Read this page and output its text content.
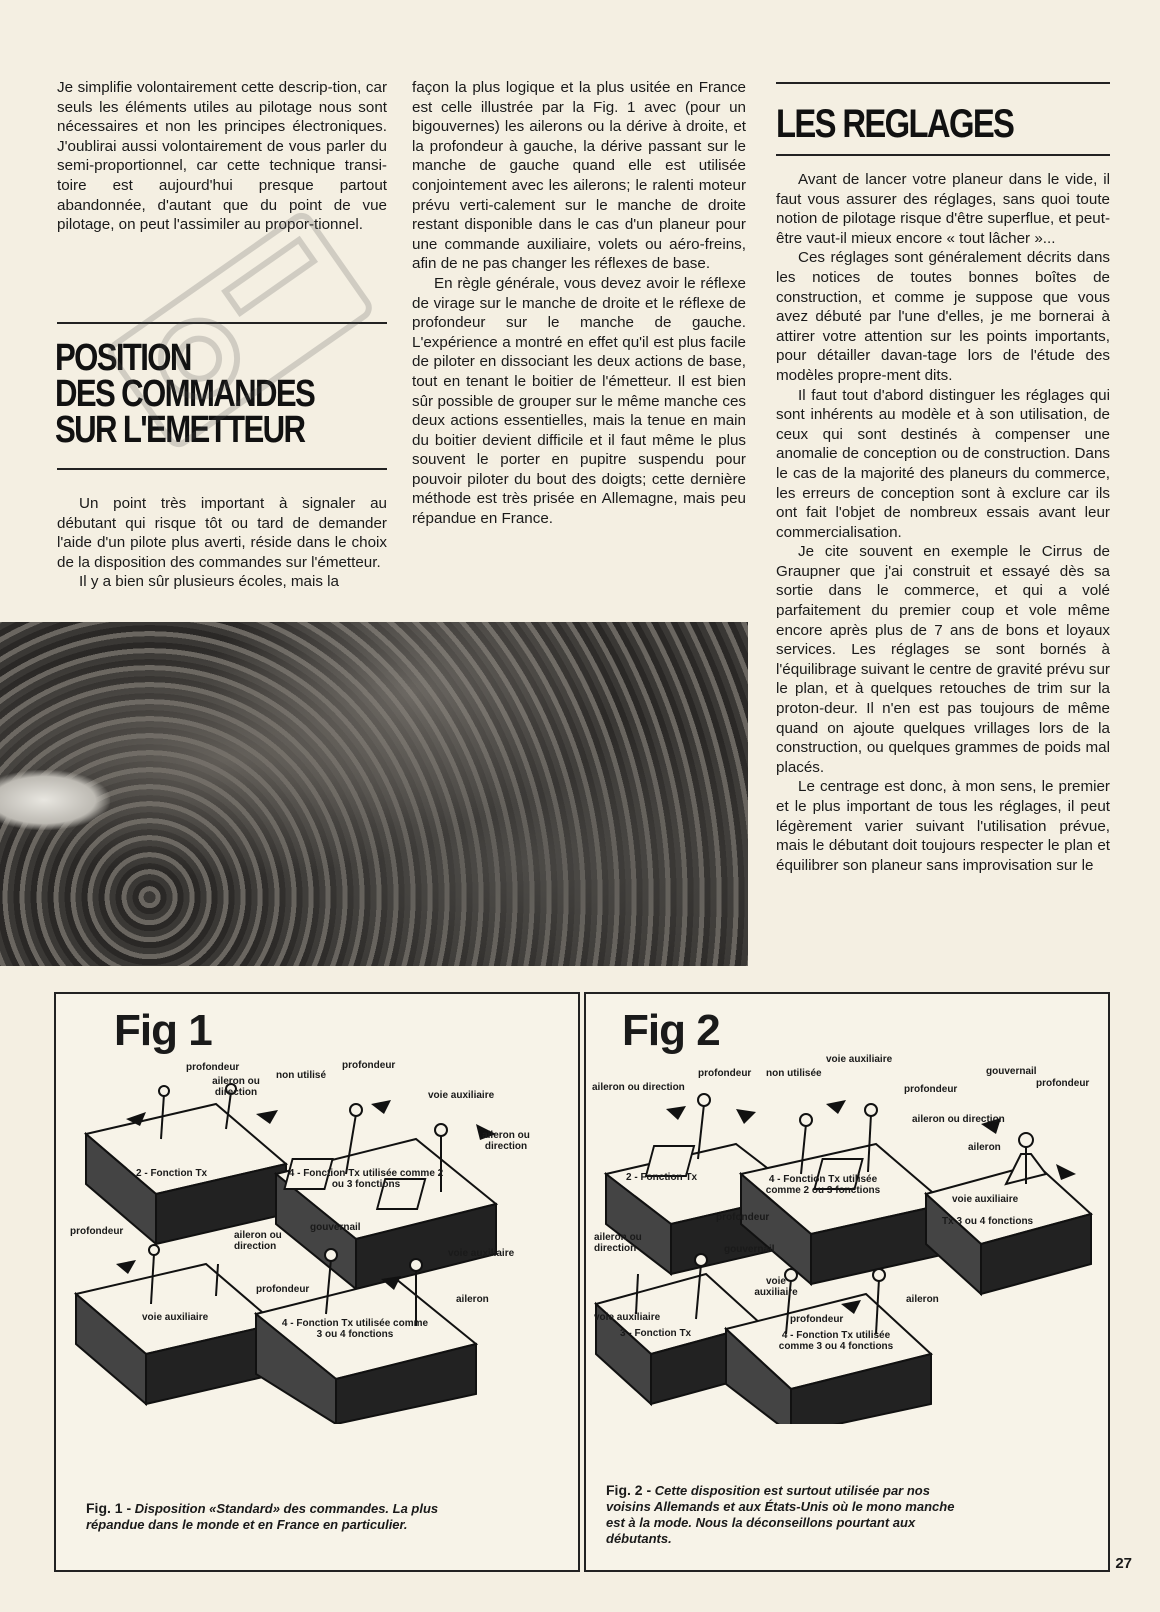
Je simplifie volontairement cette descrip-tion, car seuls les éléments utiles au pilotage nous sont nécessaires et non les principes électroniques. J'oublirai aussi volontairement de vous parler du semi-proportionnel, car cette technique transi-toire est aujourd'hui presque partout abandonnée, d'autant que du point de vue pilotage, on peut l'assimiler au propor-tionnel.

POSITION
DES COMMANDES
SUR L'EMETTEUR

Un point très important à signaler au débutant qui risque tôt ou tard de demander l'aide d'un pilote plus averti, réside dans le choix de la disposition des commandes sur l'émetteur.

Il y a bien sûr plusieurs écoles, mais la

façon la plus logique et la plus usitée en France est celle illustrée par la Fig. 1 avec (pour un bigouvernes) les ailerons ou la dérive à droite, et la profondeur à gauche, la dérive passant sur le manche de gauche quand elle est utilisée conjointement avec les ailerons; le ralenti moteur prévu verti-calement sur le manche de droite restant disponible dans le cas d'un planeur pour une commande auxiliaire, volets ou aéro-freins, afin de ne pas changer les réflexes de base.

En règle générale, vous devez avoir le réflexe de virage sur le manche de droite et le réflexe de profondeur sur le manche de gauche. L'expérience a montré en effet qu'il est plus facile de piloter en dissociant les deux actions de base, tout en tenant le boitier de l'émetteur. Il est bien sûr possible de grouper sur le même manche ces deux actions essentielles, mais la tenue en main du boitier devient difficile et il faut même le plus souvent le porter en pupitre suspendu pour pouvoir piloter du bout des doigts; cette dernière méthode est très prisée en Allemagne, mais peu répandue en France.

LES REGLAGES

Avant de lancer votre planeur dans le vide, il faut vous assurer des réglages, sans quoi toute notion de pilotage risque d'être superflue, et peut-être vaut-il mieux encore « tout lâcher »...

Ces réglages sont généralement décrits dans les notices de toutes bonnes boîtes de construction, et comme je suppose que vous avez débuté par l'une d'elles, je me bornerai à attirer votre attention sur les points importants, pour détailler davan-tage lors de l'étude des modèles propre-ment dits.

Il faut tout d'abord distinguer les réglages qui sont inhérents au modèle et à son utilisation, de ceux qui sont destinés à compenser une anomalie de conception ou de construction. Dans le cas de la majorité des planeurs du commerce, les erreurs de conception sont à exclure car ils ont fait l'objet de nombreux essais avant leur commercialisation.

Je cite souvent en exemple le Cirrus de Graupner que j'ai construit et essayé dès sa sortie dans le commerce, et qui a volé parfaitement du premier coup et vole même encore après plus de 7 ans de bons et loyaux services. Les réglages se sont bornés à l'équilibrage suivant le centre de gravité prévu sur le plan, et à quelques retouches de trim sur la proton-deur. Il n'en est pas toujours de même quand on ajoute quelques vrillages lors de la construction, ou quelques grammes de poids mal placés.

Le centrage est donc, à mon sens, le premier et le plus important de tous les réglages, il peut légèrement varier suivant l'utilisation prévue, mais le débutant doit toujours respecter le plan et équilibrer son planeur sans improvisation sur le

Fig 1
profondeur
aileron ou direction
non utilisé
profondeur
voie auxiliaire
aileron ou direction
2 - Fonction Tx	4 - Fonction Tx utilisée comme 2 ou 3 fonctions
profondeur	aileron ou direction
gouvernail
voie auxiliaire
profondeur
aileron
voie auxiliaire
4 - Fonction Tx utilisée comme 3 ou 4 fonctions
Fig. 1 - Disposition «Standard» des commandes. La plus répandue dans le monde et en France en particulier.
Fig 2
voie auxiliaire
profondeur non utilisée
aileron ou direction
gouvernail
profondeur
profondeur
aileron ou direction
aileron
2 - Fonction Tx	4 - Fonction Tx utilisée comme 2 ou 3 fonctions
voie auxiliaire
Tx 3 ou 4 fonctions
profondeur
aileron ou direction	gouvernail
voie auxiliaire
aileron
voie auxiliaire
3 - Fonction Tx
profondeur
4 - Fonction Tx utilisée comme 3 ou 4 fonctions
Fig. 2 - Cette disposition est surtout utilisée par nos voisins Allemands et aux États-Unis où le mono manche est à la mode. Nous la déconseillons pourtant aux débutants.
27
